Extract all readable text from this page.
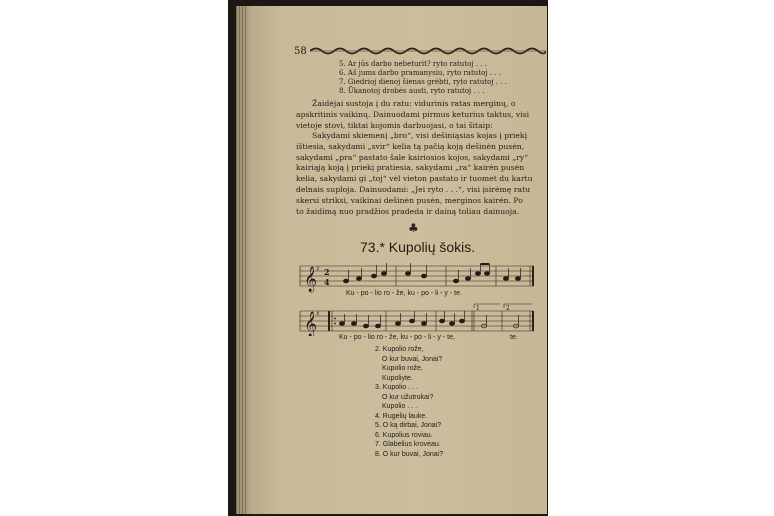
58
5. Ar jūs darbo nebeturit? ryto ratutoj . . .
6. Aš jums darbo pramanysiu, ryto ratutoj . . .
7. Giedrioj dienoj šienas grėbti, ryto ratutoj . . .
8. Ūkanotoj drobės austi, ryto ratutoj . . .
Žaidėjai sustoja į du ratu: vidurinis ratas merginų, o
apskritinis vaikinų. Dainuodami pirmus keturius taktus, visi
vietoje stovi, tiktai kojomis darbuojasi, o tai šitaip:
Sakydami skiemenį „bro“, visi dešiniąsias kojas į priekį
ištiesia, sakydami „svir“ kelia tą pačią koją dešinėn pusėn,
sakydami „pra“ pastato šale kairiosios kojos, sakydami „ry“
kairiąją koją į priekį pratiesia, sakydami „ra“ kairėn pusėn
kelia, sakydami gi „toj“ vėl vieton pastato ir tuomet du kartu
delnais suploja. Dainuodami: „Jei ryto . . .“, visi įsirėmę ratu
skersi striksi, vaikinai dešinėn pusėn, merginos kairėn. Po
to žaidimą nuo pradžios pradeda ir dainą toliau dainuoja.
♣
73.* Kupolių šokis.
𝄞
♯ 2
4
Ku - po - lio ro - že, ku - po - li - y - te.
𝄞
♯
1	2
Ku - po - lio ro - že, ku - po - li - y - te,	te.
2. Kupolio rože,
O kur buvai, Jonai?
Kupolio rože,
Kupoliyte.
3. Kupolio . . .
O kur užutrukai?
Kupolio . . .
4. Rugelių lauke.
5. O ką dirbai, Jonai?
6. Kupolius roviau.
7. Glabelius krovėau.
8. O kur buvai, Jonai?
